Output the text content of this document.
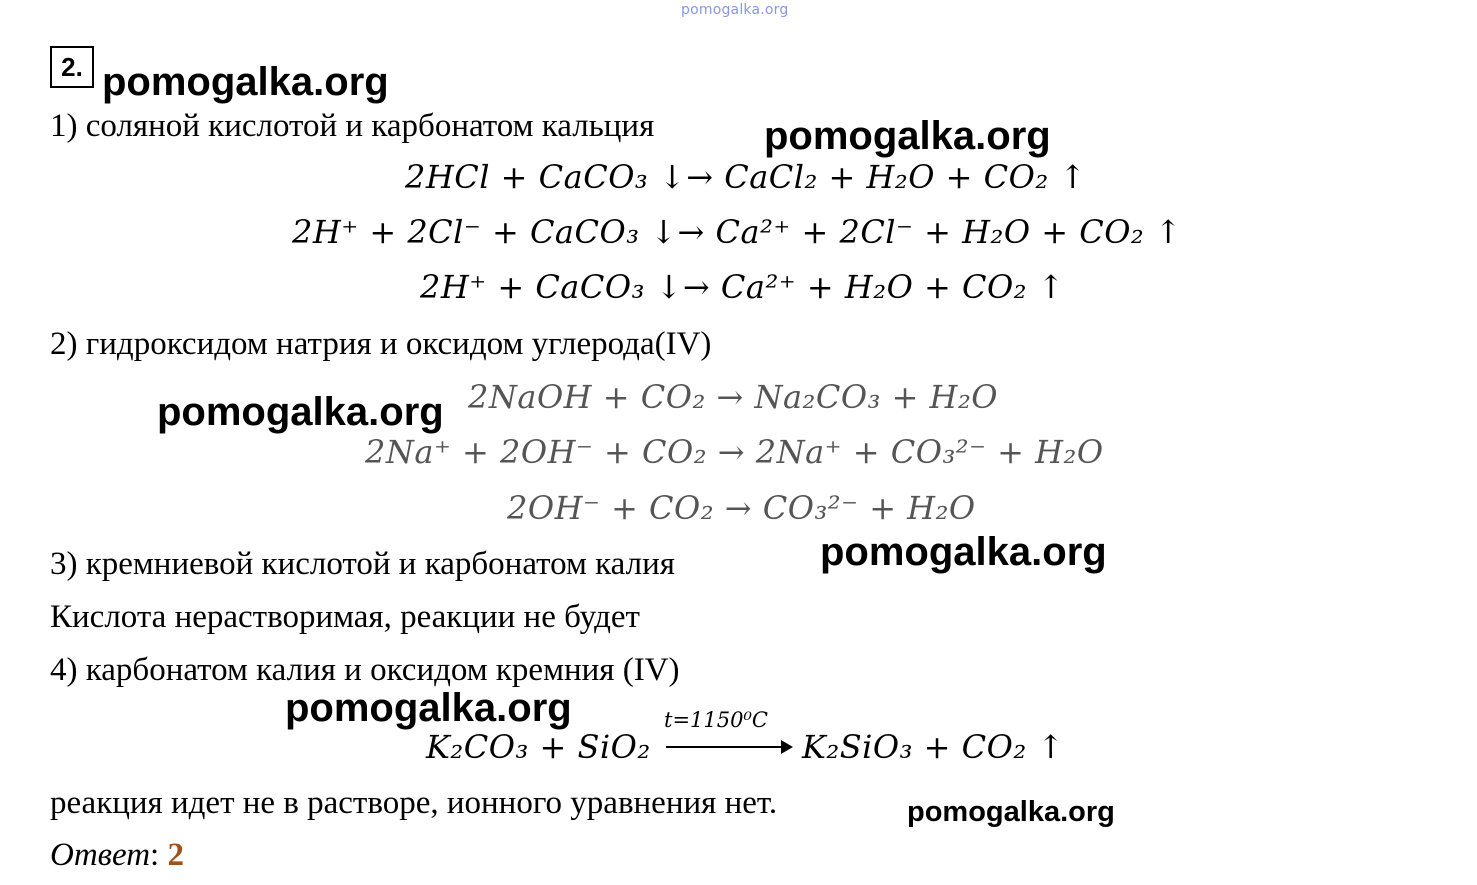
pomogalka.org
2. pomogalka.org
1) соляной кислотой и карбонатом кальция	pomogalka.org
2HCl + CaCO₃ ↓→ CaCl₂ + H₂O + CO₂ ↑
2H⁺ + 2Cl⁻ + CaCO₃ ↓→ Ca²⁺ + 2Cl⁻ + H₂O + CO₂ ↑
2H⁺ + CaCO₃ ↓→ Ca²⁺ + H₂O + CO₂ ↑
2) гидроксидом натрия и оксидом углерода(IV)
pomogalka.org 2NaOH + CO₂ → Na₂CO₃ + H₂O
2Na⁺ + 2OH⁻ + CO₂ → 2Na⁺ + CO₃²⁻ + H₂O
2OH⁻ + CO₂ → CO₃²⁻ + H₂O
3) кремниевой кислотой и карбонатом калия	pomogalka.org
Кислота нерастворимая, реакции не будет
4) карбонатом калия и оксидом кремния (IV)
pomogalka.org	t=1150⁰C
K₂CO₃ + SiO₂	K₂SiO₃ + CO₂ ↑
реакция идет не в растворе, ионного уравнения нет.	pomogalka.org
Ответ: 2
